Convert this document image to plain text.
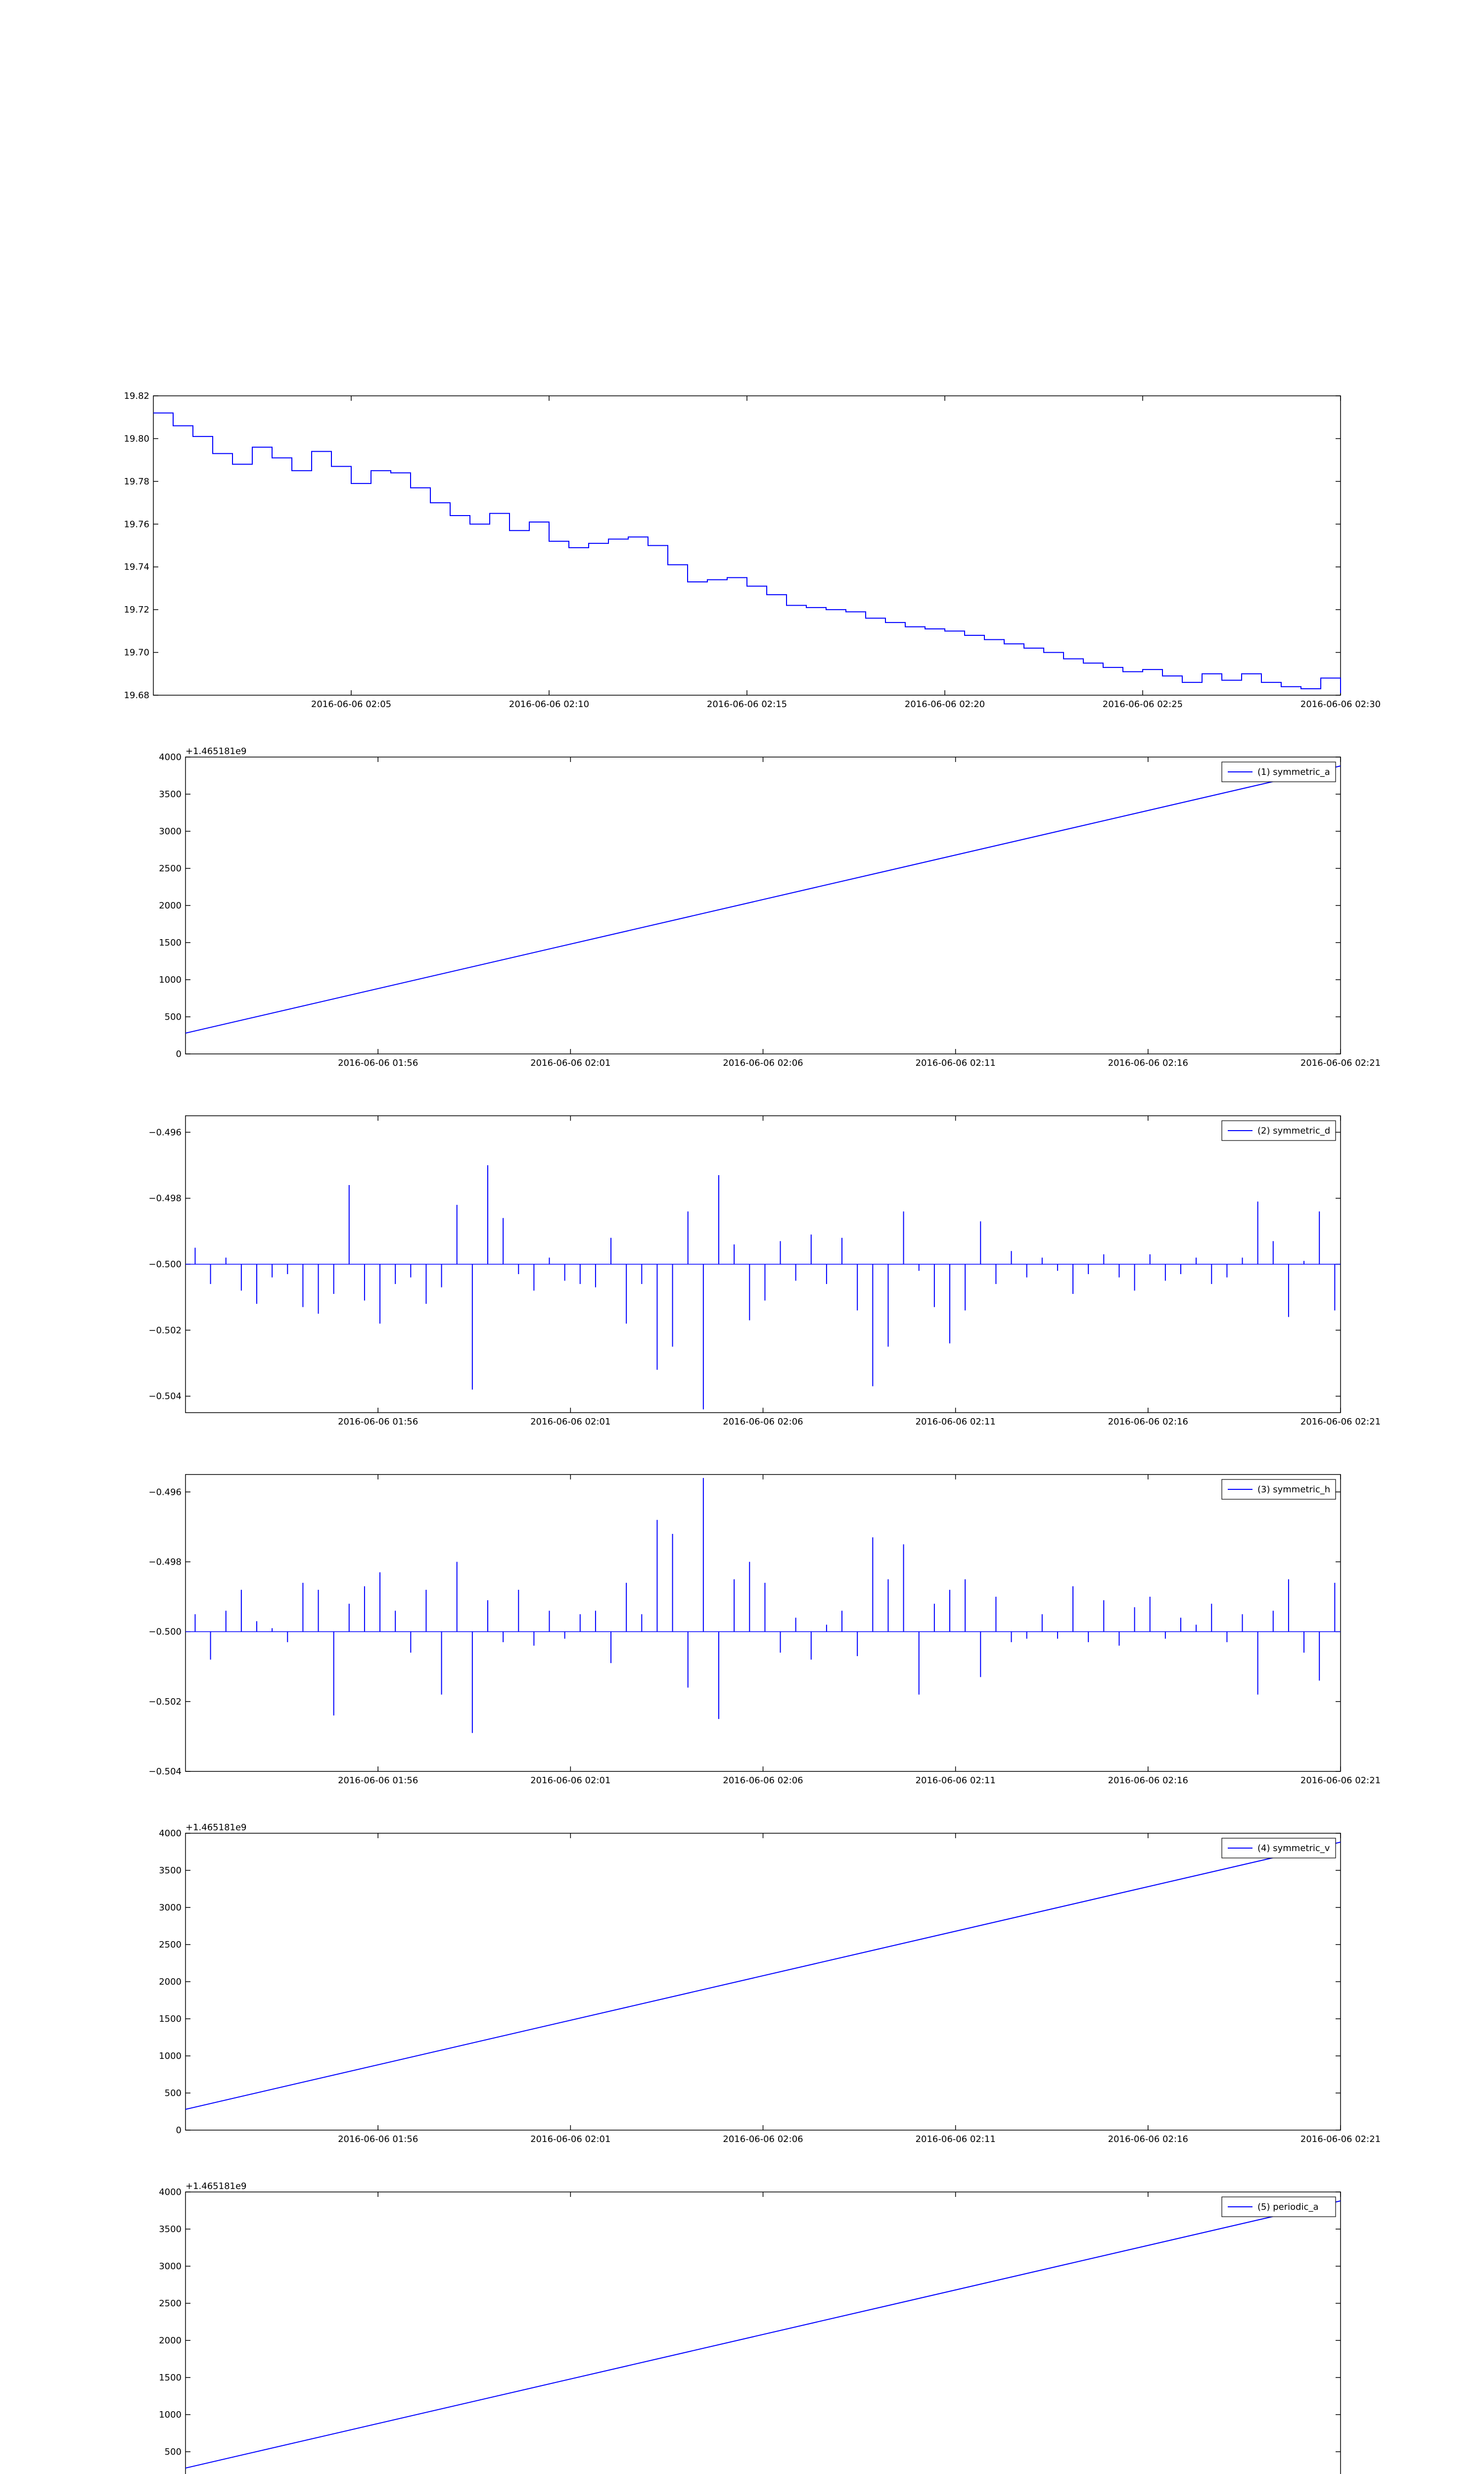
19.68
19.70
19.72
19.74
19.76
19.78
19.80
19.82
2016-06-06 02:05	2016-06-06 02:10	2016-06-06 02:15	2016-06-06 02:20	2016-06-06 02:25	2016-06-06 02:30
0
500
1000
1500
2000
2500
3000
3500
4000
2016-06-06 01:56	2016-06-06 02:01	2016-06-06 02:06	2016-06-06 02:11	2016-06-06 02:16	2016-06-06 02:21
+1.465181e9
(1) symmetric_a
−0.504
−0.502
−0.500
−0.498
−0.496
2016-06-06 01:56	2016-06-06 02:01	2016-06-06 02:06	2016-06-06 02:11	2016-06-06 02:16	2016-06-06 02:21
(2) symmetric_d
−0.504
−0.502
−0.500
−0.498
−0.496
2016-06-06 01:56	2016-06-06 02:01	2016-06-06 02:06	2016-06-06 02:11	2016-06-06 02:16	2016-06-06 02:21
(3) symmetric_h
0
500
1000
1500
2000
2500
3000
3500
4000
2016-06-06 01:56	2016-06-06 02:01	2016-06-06 02:06	2016-06-06 02:11	2016-06-06 02:16	2016-06-06 02:21
+1.465181e9
(4) symmetric_v
500
1000
1500
2000
2500
3000
3500
4000
+1.465181e9
(5) periodic_a
